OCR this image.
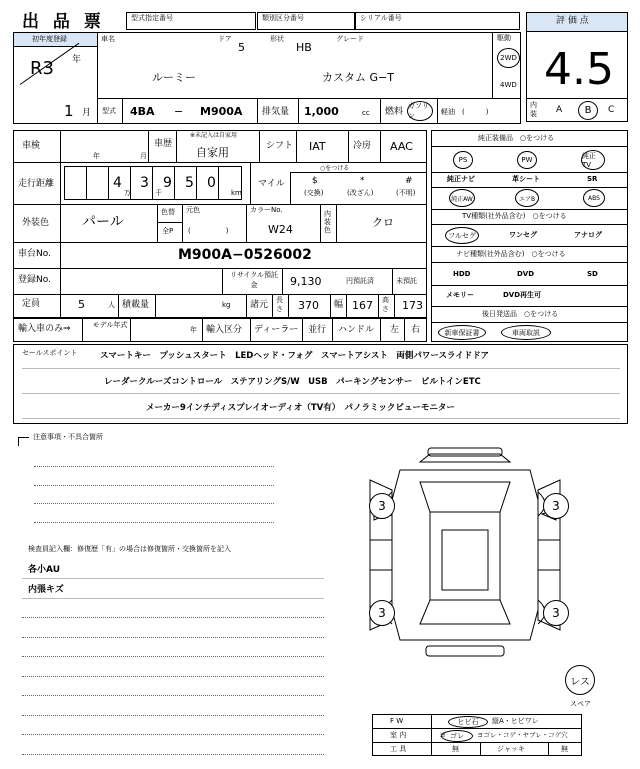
出 品 票	型式指定番号	類別区分番号	シリアル番号	評 価 点
4.5
内装	A B C
初年度登録
R3 年
1 月
車名
ルーミー
ドア
5
形状
HB
グレード
カスタム G−T
駆動
2WD
4WD
型式 4BA − M900A 排気量 1,000	cc 燃料
ガソリン	軽油 (　　　)
車検
年	月
車歴
※未記入は自家用
自家用	シフト IAT	冷房 AAC
走行距離	4
万
3
千
9 5 0
km
マイル
○をつける
$
(交換)
*
(改ざん)
#
(不明)
外装色 パール
色替 元色
全P (　　　　　)
カラーNo.
W24
内装色
クロ
車台No.	M900A−0526002
登録No.	リサイクル預託金	9,130	円預託済	未預託
定員	5	人 積載量	kg 諸元 長さ 370 幅 167 高さ 173
輸入車のみ⇒	モデル年式
年 輸入区分 ディーラー 並行 ハンドル 左 右
純正装備品　○をつける
PS	PW	純正TV
純正ナビ	革シート	SR
純正AW	エアB	ABS
TV種類(社外品含む)　○をつける
フルセグ	ワンセグ	アナログ
ナビ種類(社外品含む)　○をつける
HDD	DVD	SD
メモリー	DVD再生可
後日発送品　○をつける
新車保証書	車両取説
セールスポイント	スマートキー　プッシュスタート　LEDヘッド・フォグ　スマートアシスト　両側パワースライドドア
レーダークルーズコントロール　ステアリングS/W　USB　パーキングセンサー　ビルトインETC
メーカー9インチディスプレイオーディオ（TV有）　パノラミックビューモニター
注意事項・不具合箇所
検査員記入欄：修復歴「有」の場合は修復箇所・交換箇所を記入
各小AU
内張キズ
3	3
3	3
レス
スペア
F W	ヒビ石 縦A・ヒビワレ
室 内	ヨ ゴレ ヨゴレ・コゲ・ヤブレ・コゲ穴
工 具	無	ジャッキ	無
